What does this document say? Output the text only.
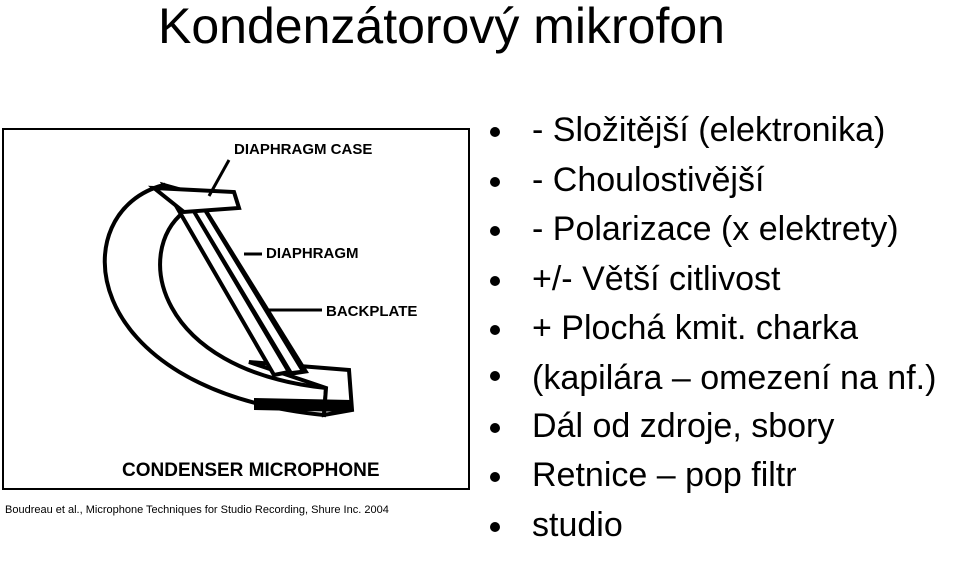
Kondenzátorový mikrofon
DIAPHRAGM CASE
DIAPHRAGM
BACKPLATE
CONDENSER MICROPHONE
Boudreau et al., Microphone Techniques for Studio Recording, Shure Inc. 2004
- Složitější (elektronika)
- Choulostivější
- Polarizace (x elektrety)
+/- Větší citlivost
+ Plochá kmit. charka
(kapilára – omezení na nf.)
Dál od zdroje, sbory
Retnice – pop filtr
studio
